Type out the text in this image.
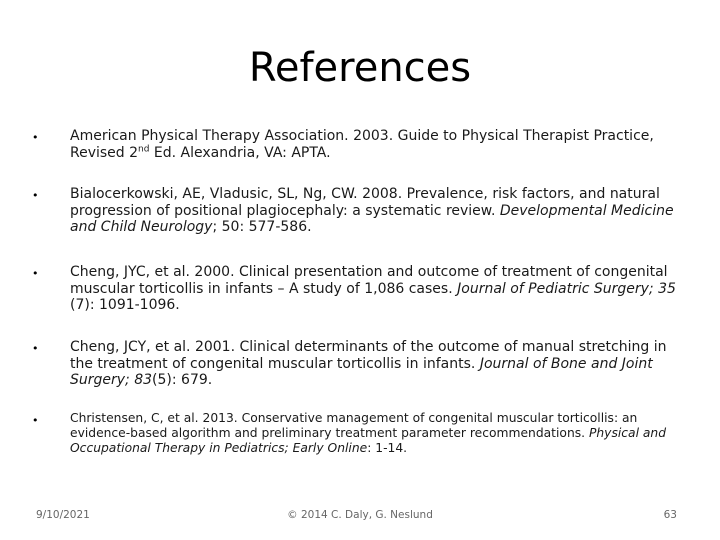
References
•	American Physical Therapy Association. 2003. Guide to Physical Therapist Practice, Revised 2nd Ed. Alexandria, VA: APTA.
•	Bialocerkowski, AE, Vladusic, SL, Ng, CW. 2008. Prevalence, risk factors, and natural progression of positional plagiocephaly: a systematic review. Developmental Medicine and Child Neurology; 50: 577-586.
•	Cheng, JYC, et al. 2000. Clinical presentation and outcome of treatment of congenital muscular torticollis in infants – A study of 1,086 cases. Journal of Pediatric Surgery; 35 (7): 1091-1096.
•	Cheng, JCY, et al. 2001. Clinical determinants of the outcome of manual stretching in the treatment of congenital muscular torticollis in infants. Journal of Bone and Joint Surgery; 83(5): 679.
•	Christensen, C, et al. 2013. Conservative management of congenital muscular torticollis: an evidence-based algorithm and preliminary treatment parameter recommendations. Physical and Occupational Therapy in Pediatrics; Early Online: 1-14.
9/10/2021	© 2014 C. Daly, G. Neslund	63
